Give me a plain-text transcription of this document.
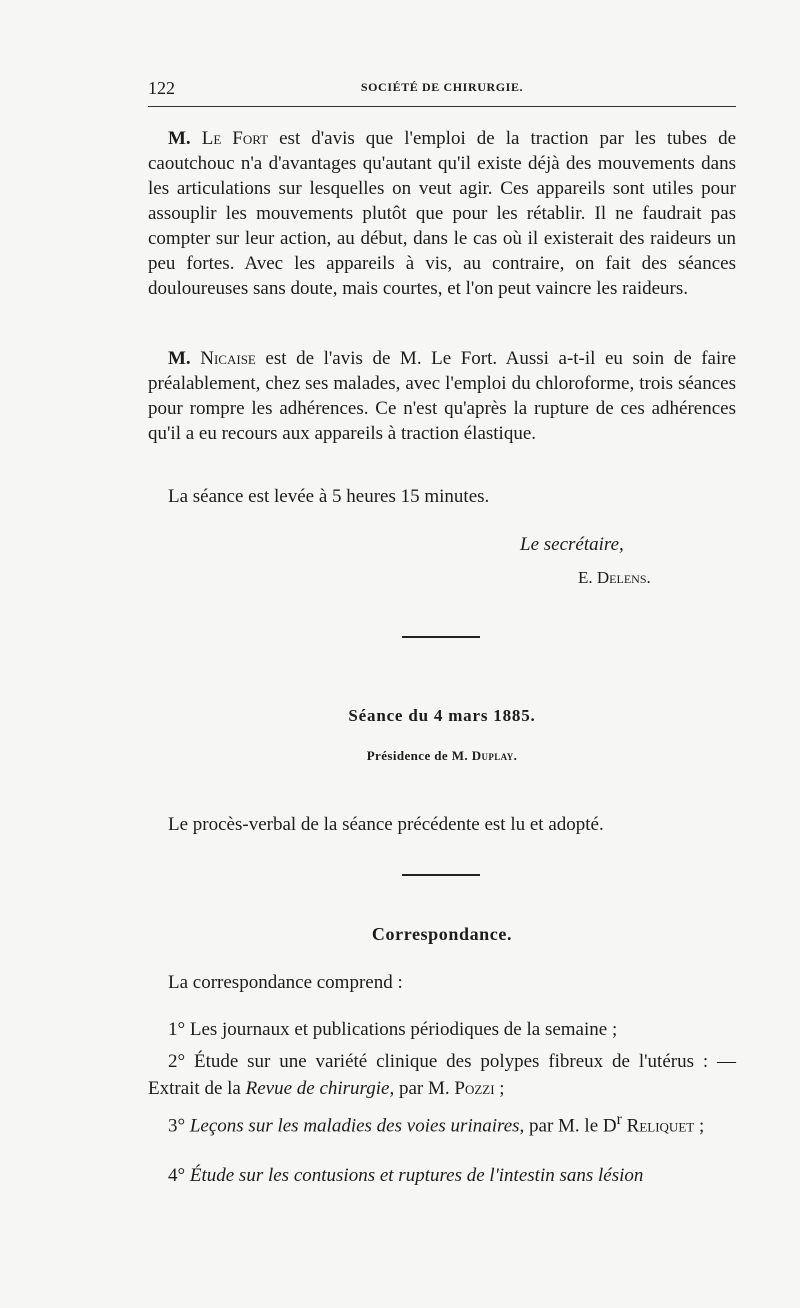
122	SOCIÉTÉ DE CHIRURGIE.

M. Le Fort est d'avis que l'emploi de la traction par les tubes de caoutchouc n'a d'avantages qu'autant qu'il existe déjà des mouvements dans les articulations sur lesquelles on veut agir. Ces appareils sont utiles pour assouplir les mouvements plutôt que pour les rétablir. Il ne faudrait pas compter sur leur action, au début, dans le cas où il existerait des raideurs un peu fortes. Avec les appareils à vis, au contraire, on fait des séances douloureuses sans doute, mais courtes, et l'on peut vaincre les raideurs.

M. Nicaise est de l'avis de M. Le Fort. Aussi a-t-il eu soin de faire préalablement, chez ses malades, avec l'emploi du chloroforme, trois séances pour rompre les adhérences. Ce n'est qu'après la rupture de ces adhérences qu'il a eu recours aux appareils à traction élastique.

La séance est levée à 5 heures 15 minutes.

Le secrétaire,
E. Delens.
Séance du 4 mars 1885.
Présidence de M. Duplay.

Le procès-verbal de la séance précédente est lu et adopté.

Correspondance.

La correspondance comprend :

1° Les journaux et publications périodiques de la semaine ;

2° Étude sur une variété clinique des polypes fibreux de l'utérus : — Extrait de la Revue de chirurgie, par M. Pozzi ;

3° Leçons sur les maladies des voies urinaires, par M. le $D^r$ Reliquet ;

4° Étude sur les contusions et ruptures de l'intestin sans lésion
